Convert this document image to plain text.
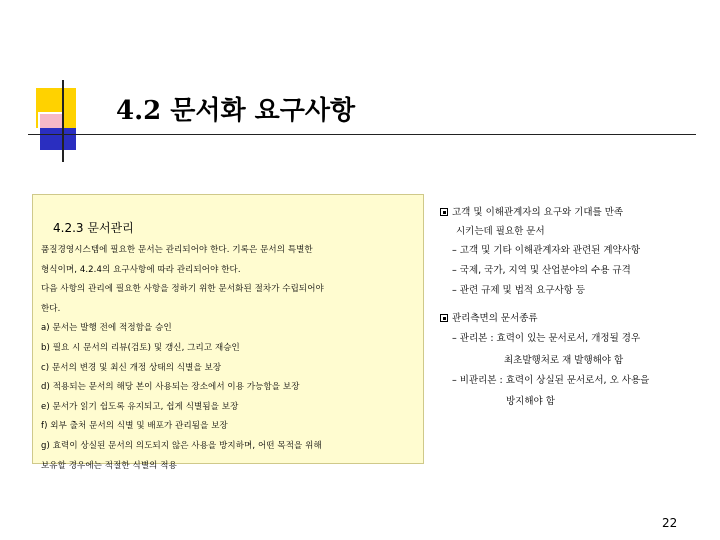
4.2 문서화 요구사항
4.2.3 문서관리
품질경영시스템에 필요한 문서는 관리되어야 한다. 기록은 문서의 특별한
형식이며, 4.2.4의 요구사항에 따라 관리되어야 한다.
다음 사항의 관리에 필요한 사항을 정하기 위한 문서화된 절차가 수립되어야
한다.
a) 문서는 발행 전에 적정함을 승인
b) 필요 시 문서의 리뷰(검토) 및 갱신, 그리고 재승인
c) 문서의 변경 및 최신 개정 상태의 식별을 보장
d) 적용되는 문서의 해당 본이 사용되는 장소에서 이용 가능함을 보장
e) 문서가 읽기 쉽도록 유지되고, 쉽게 식별됨을 보장
f) 외부 출처 문서의 식별 및 배포가 관리됨을 보장
g) 효력이 상실된 문서의 의도되지 않은 사용을 방지하며, 어떤 목적을 위해
보유할 경우에는 적절한 식별의 적용
고객 및 이해관계자의 요구와 기대를 만족
시키는데 필요한 문서
– 고객 및 기타 이해관계자와 관련된 계약사항
– 국제, 국가, 지역 및 산업분야의 수용 규격
– 관련 규제 및 법적 요구사항 등
관리측면의 문서종류
– 관리본 : 효력이 있는 문서로서, 개정될 경우
최초발행처로 재 발행해야 함
– 비관리본 : 효력이 상실된 문서로서, 오 사용을
방지해야 함
22
